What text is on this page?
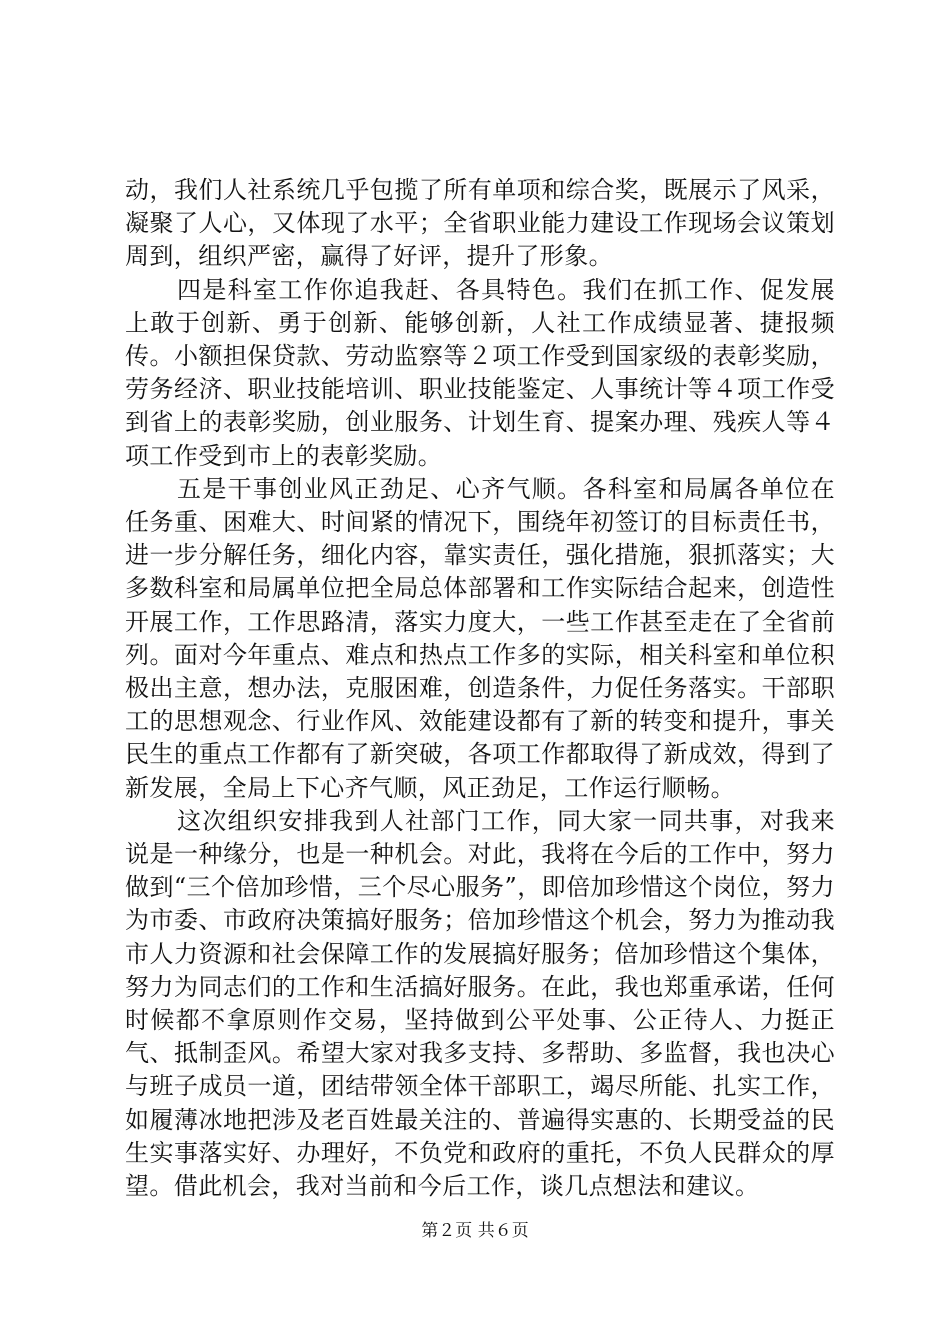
动，我们人社系统几乎包揽了所有单项和综合奖，既展示了风采，凝聚了人心，又体现了水平；全省职业能力建设工作现场会议策划周到，组织严密，赢得了好评，提升了形象。

四是科室工作你追我赶、各具特色。我们在抓工作、促发展上敢于创新、勇于创新、能够创新，人社工作成绩显著、捷报频传。小额担保贷款、劳动监察等２项工作受到国家级的表彰奖励，劳务经济、职业技能培训、职业技能鉴定、人事统计等４项工作受到省上的表彰奖励，创业服务、计划生育、提案办理、残疾人等４项工作受到市上的表彰奖励。

五是干事创业风正劲足、心齐气顺。各科室和局属各单位在任务重、困难大、时间紧的情况下，围绕年初签订的目标责任书，进一步分解任务，细化内容，靠实责任，强化措施，狠抓落实；大多数科室和局属单位把全局总体部署和工作实际结合起来，创造性开展工作，工作思路清，落实力度大，一些工作甚至走在了全省前列。面对今年重点、难点和热点工作多的实际，相关科室和单位积极出主意，想办法，克服困难，创造条件，力促任务落实。干部职工的思想观念、行业作风、效能建设都有了新的转变和提升，事关民生的重点工作都有了新突破，各项工作都取得了新成效，得到了新发展，全局上下心齐气顺，风正劲足，工作运行顺畅。

这次组织安排我到人社部门工作，同大家一同共事，对我来说是一种缘分，也是一种机会。对此，我将在今后的工作中，努力做到“三个倍加珍惜，三个尽心服务”，即倍加珍惜这个岗位，努力为市委、市政府决策搞好服务；倍加珍惜这个机会，努力为推动我市人力资源和社会保障工作的发展搞好服务；倍加珍惜这个集体，努力为同志们的工作和生活搞好服务。在此，我也郑重承诺，任何时候都不拿原则作交易，坚持做到公平处事、公正待人、力挺正气、抵制歪风。希望大家对我多支持、多帮助、多监督，我也决心与班子成员一道，团结带领全体干部职工，竭尽所能、扎实工作，如履薄冰地把涉及老百姓最关注的、普遍得实惠的、长期受益的民生实事落实好、办理好，不负党和政府的重托，不负人民群众的厚望。借此机会，我对当前和今后工作，谈几点想法和建议。

第２页 共６页
